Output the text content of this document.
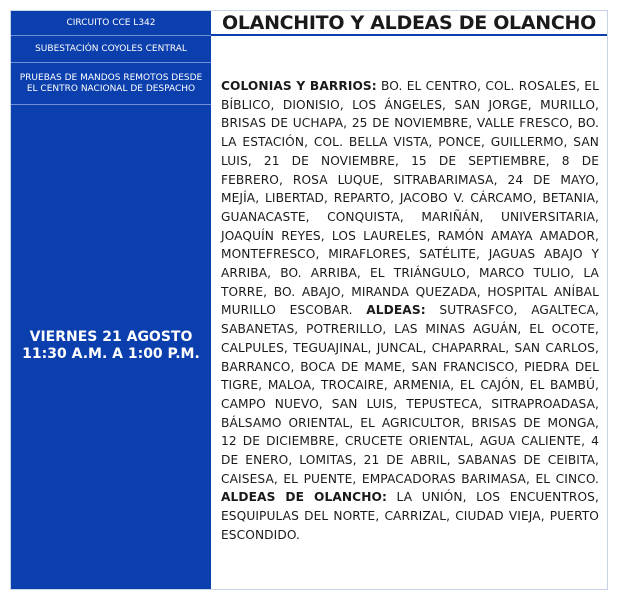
CIRCUITO CCE L342
SUBESTACIÓN COYOLES CENTRAL
PRUEBAS DE MANDOS REMOTOS DESDE
EL CENTRO NACIONAL DE DESPACHO
VIERNES 21 AGOSTO
11:30 A.M. A 1:00 P.M.
OLANCHITO Y ALDEAS DE OLANCHO
COLONIAS Y BARRIOS: BO. EL CENTRO, COL. ROSALES, EL BÍBLICO, DIONISIO, LOS ÁNGELES, SAN JORGE, MURILLO, BRISAS DE UCHAPA, 25 DE NOVIEMBRE, VALLE FRESCO, BO. LA ESTACIÓN, COL. BELLA VISTA, PONCE, GUILLERMO, SAN LUIS, 21 DE NOVIEMBRE, 15 DE SEPTIEMBRE, 8 DE FEBRERO, ROSA LUQUE, SITRABARIMASA, 24 DE MAYO, MEJÍA, LIBERTAD, REPARTO, JACOBO V. CÁRCAMO, BETANIA, GUANACASTE, CONQUISTA, MARIÑÁN, UNIVERSITARIA, JOAQUÍN REYES, LOS LAURELES, RAMÓN AMAYA AMADOR, MONTEFRESCO, MIRAFLORES, SATÉLITE, JAGUAS ABAJO Y ARRIBA, BO. ARRIBA, EL TRIÁNGULO, MARCO TULIO, LA TORRE, BO. ABAJO, MIRANDA QUEZADA, HOSPITAL ANÍBAL MURILLO ESCOBAR. ALDEAS: SUTRASFCO, AGALTECA, SABANETAS, POTRERILLO, LAS MINAS AGUÁN, EL OCOTE, CALPULES, TEGUAJINAL, JUNCAL, CHAPARRAL, SAN CARLOS, BARRANCO, BOCA DE MAME, SAN FRANCISCO, PIEDRA DEL TIGRE, MALOA, TROCAIRE, ARMENIA, EL CAJÓN, EL BAMBÚ, CAMPO NUEVO, SAN LUIS, TEPUSTECA, SITRAPROADASA, BÁLSAMO ORIENTAL, EL AGRICULTOR, BRISAS DE MONGA, 12 DE DICIEMBRE, CRUCETE ORIENTAL, AGUA CALIENTE, 4 DE ENERO, LOMITAS, 21 DE ABRIL, SABANAS DE CEIBITA, CAISESA, EL PUENTE, EMPACADORAS BARIMASA, EL CINCO. ALDEAS DE OLANCHO: LA UNIÓN, LOS ENCUENTROS, ESQUIPULAS DEL NORTE, CARRIZAL, CIUDAD VIEJA, PUERTO ESCONDIDO.
